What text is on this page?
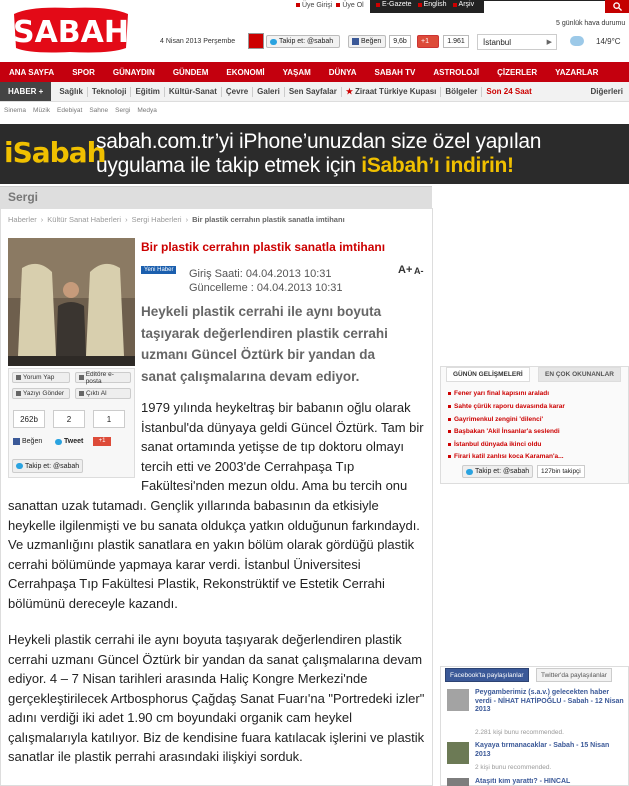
Üye Girişi Üye Ol	E-Gazete English Arşiv
SABAH	5 günlük hava durumu
4 Nisan 2013 Perşembe	Takip et: @sabah	Beğen	9,6b	+1	1.961	İstanbul	▶	14/9°C
ANA SAYFA	SPOR	GÜNAYDIN	GÜNDEM	EKONOMİ	YAŞAM	DÜNYA	SABAH TV	ASTROLOJİ	ÇİZERLER	YAZARLAR
HABER +	Sağlık	Teknoloji	Eğitim	Kültür-Sanat	Çevre	Galeri	Sen Sayfalar	★ Ziraat Türkiye Kupası	Bölgeler	Son 24 Saat	Diğerleri
Sinema Müzik Edebiyat Sahne Sergi Medya
iSabah
sabah.com.tr’yi iPhone’unuzdan size özel yapılan
uygulama ile takip etmek için iSabah’ı indirin!
Sergi
Haberler › Kültür Sanat Haberleri › Sergi Haberleri › Bir plastik cerrahın plastik sanatla imtihanı
Yorum Yap	Editöre e-posta
Yazıyı Gönder	Çıktı Al
262b	2	1
Beğen	Tweet	+1
Takip et: @sabah
Bir plastik cerrahın plastik sanatla imtihanı
Yeni Haber Giriş Saati: 04.04.2013 10:31
Güncelleme : 04.04.2013 10:31
A+ A-
Heykeli plastik cerrahi ile aynı boyuta
taşıyarak değerlendiren plastik cerrahi
uzmanı Güncel Öztürk bir yandan da
sanat çalışmalarına devam ediyor.
1979 yılında heykeltraş bir babanın oğlu olarak
İstanbul'da dünyaya geldi Güncel Öztürk. Tam bir
sanat ortamında yetişse de tıp doktoru olmayı
tercih etti ve 2003'de Cerrahpaşa Tıp
Fakültesi'nden mezun oldu. Ama bu tercih onu
sanattan uzak tutamadı. Gençlik yıllarında babasının da etkisiyle
heykelle ilgilenmişti ve bu sanata oldukça yatkın olduğunun farkındaydı.
Ve uzmanlığını plastik sanatlara en yakın bölüm olarak gördüğü plastik
cerrahi bölümünde yapmaya karar verdi. İstanbul Üniversitesi
Cerrahpaşa Tıp Fakültesi Plastik, Rekonstrüktif ve Estetik Cerrahi
bölümünü dereceyle kazandı.
Heykeli plastik cerrahi ile aynı boyuta taşıyarak değerlendiren plastik
cerrahi uzmanı Güncel Öztürk bir yandan da sanat çalışmalarına devam
ediyor. 4 – 7 Nisan tarihleri arasında Haliç Kongre Merkezi'nde
gerçekleştirilecek Artbosphorus Çağdaş Sanat Fuarı'na "Portredeki izler"
adını verdiği iki adet 1.90 cm boyundaki organik cam heykel
çalışmalarıyla katılıyor. Biz de kendisine fuara katılacak işlerini ve plastik
sanatlar ile plastik perrahi arasındaki ilişkiyi sorduk.
GÜNÜN GELİŞMELERİ	EN ÇOK OKUNANLAR
Fener yarı final kapısını araladı
Sahte çürük raporu davasında karar
Gayrimenkul zengini 'dilenci'
Başbakan 'Akil İnsanlar'a seslendi
İstanbul dünyada ikinci oldu
Firari katil zanlısı koca Karaman'a...
Takip et: @sabah	127bin takipçi
Facebook'ta paylaşılanlar	Twitter'da paylaşılanlar
Peygamberimiz (s.a.v.) gelecekten haber verdi - NİHAT HATİPOĞLU - Sabah - 12 Nisan 2013
2.281 kişi bunu recommended.
Kayaya tırmanacaklar - Sabah - 15 Nisan 2013
2 kişi bunu recommended.
Ataşiti kim yarattı? - HİNCAL
